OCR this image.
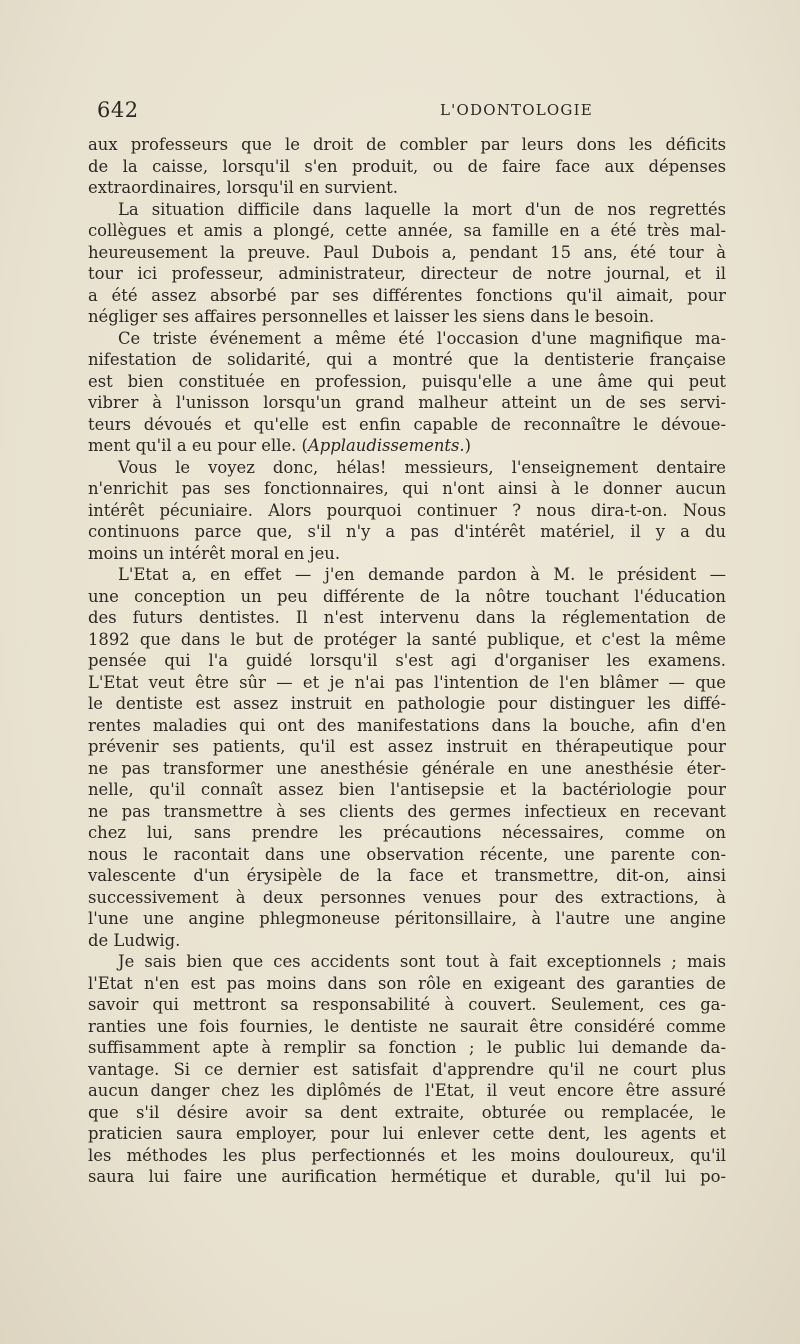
642	L'ODONTOLOGIE
aux professeurs que le droit de combler par leurs dons les déficits
de la caisse, lorsqu'il s'en produit, ou de faire face aux dépenses
extraordinaires, lorsqu'il en survient.
La situation difficile dans laquelle la mort d'un de nos regrettés
collègues et amis a plongé, cette année, sa famille en a été très mal-
heureusement la preuve. Paul Dubois a, pendant 15 ans, été tour à
tour ici professeur, administrateur, directeur de notre journal, et il
a été assez absorbé par ses différentes fonctions qu'il aimait, pour
négliger ses affaires personnelles et laisser les siens dans le besoin.
Ce triste événement a même été l'occasion d'une magnifique ma-
nifestation de solidarité, qui a montré que la dentisterie française
est bien constituée en profession, puisqu'elle a une âme qui peut
vibrer à l'unisson lorsqu'un grand malheur atteint un de ses servi-
teurs dévoués et qu'elle est enfin capable de reconnaître le dévoue-
ment qu'il a eu pour elle. (Applaudissements.)
Vous le voyez donc, hélas! messieurs, l'enseignement dentaire
n'enrichit pas ses fonctionnaires, qui n'ont ainsi à le donner aucun
intérêt pécuniaire. Alors pourquoi continuer ? nous dira-t-on. Nous
continuons parce que, s'il n'y a pas d'intérêt matériel, il y a du
moins un intérêt moral en jeu.
L'Etat a, en effet — j'en demande pardon à M. le président —
une conception un peu différente de la nôtre touchant l'éducation
des futurs dentistes. Il n'est intervenu dans la réglementation de
1892 que dans le but de protéger la santé publique, et c'est la même
pensée qui l'a guidé lorsqu'il s'est agi d'organiser les examens.
L'Etat veut être sûr — et je n'ai pas l'intention de l'en blâmer — que
le dentiste est assez instruit en pathologie pour distinguer les diffé-
rentes maladies qui ont des manifestations dans la bouche, afin d'en
prévenir ses patients, qu'il est assez instruit en thérapeutique pour
ne pas transformer une anesthésie générale en une anesthésie éter-
nelle, qu'il connaît assez bien l'antisepsie et la bactériologie pour
ne pas transmettre à ses clients des germes infectieux en recevant
chez lui, sans prendre les précautions nécessaires, comme on
nous le racontait dans une observation récente, une parente con-
valescente d'un érysipèle de la face et transmettre, dit-on, ainsi
successivement à deux personnes venues pour des extractions, à
l'une une angine phlegmoneuse péritonsillaire, à l'autre une angine
de Ludwig.
Je sais bien que ces accidents sont tout à fait exceptionnels ; mais
l'Etat n'en est pas moins dans son rôle en exigeant des garanties de
savoir qui mettront sa responsabilité à couvert. Seulement, ces ga-
ranties une fois fournies, le dentiste ne saurait être considéré comme
suffisamment apte à remplir sa fonction ; le public lui demande da-
vantage. Si ce dernier est satisfait d'apprendre qu'il ne court plus
aucun danger chez les diplômés de l'Etat, il veut encore être assuré
que s'il désire avoir sa dent extraite, obturée ou remplacée, le
praticien saura employer, pour lui enlever cette dent, les agents et
les méthodes les plus perfectionnés et les moins douloureux, qu'il
saura lui faire une aurification hermétique et durable, qu'il lui po-
